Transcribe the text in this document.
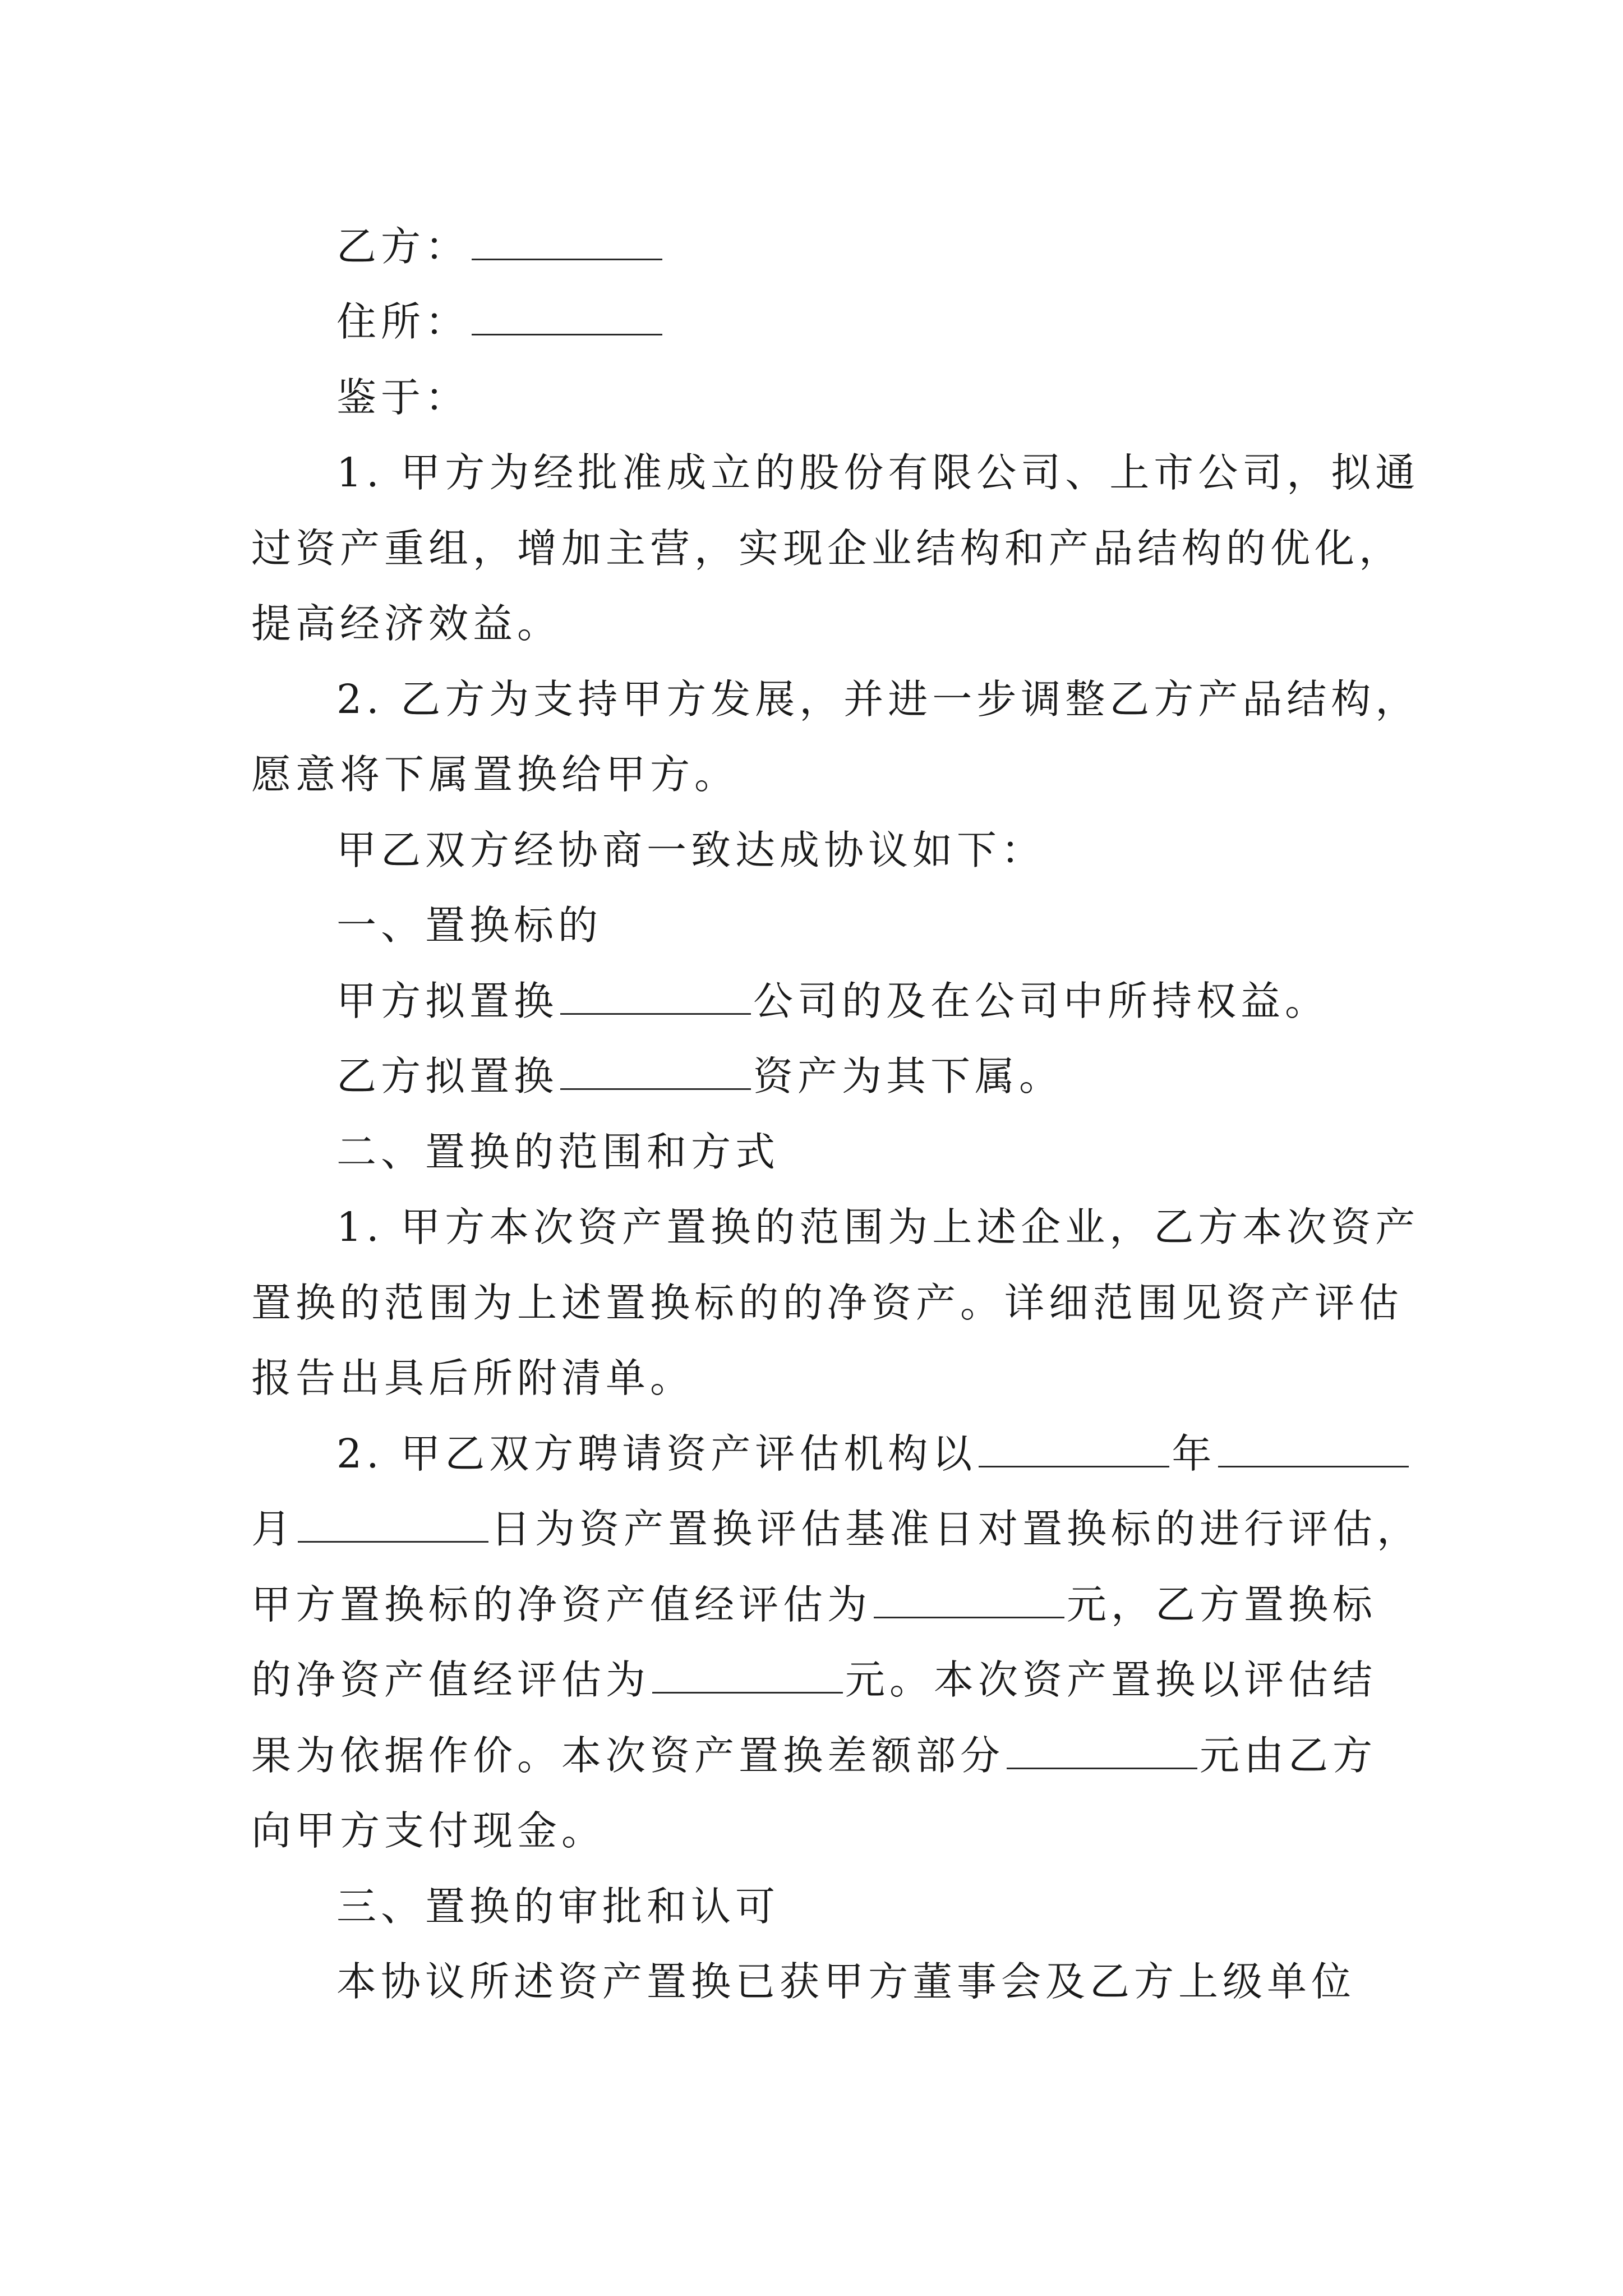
乙方：

住所：

鉴于：

1. 甲方为经批准成立的股份有限公司、上市公司，拟通

过资产重组，增加主营，实现企业结构和产品结构的优化，

提高经济效益。

2. 乙方为支持甲方发展，并进一步调整乙方产品结构，

愿意将下属置换给甲方。

甲乙双方经协商一致达成协议如下：

一、置换标的

甲方拟置换	公司的及在公司中所持权益。

乙方拟置换	资产为其下属。

二、置换的范围和方式

1. 甲方本次资产置换的范围为上述企业，乙方本次资产

置换的范围为上述置换标的的净资产。详细范围见资产评估

报告出具后所附清单。

2. 甲乙双方聘请资产评估机构以	年

月	日为资产置换评估基准日对置换标的进行评估，

甲方置换标的净资产值经评估为	元，乙方置换标

的净资产值经评估为	元。本次资产置换以评估结

果为依据作价。本次资产置换差额部分	元由乙方

向甲方支付现金。

三、置换的审批和认可

本协议所述资产置换已获甲方董事会及乙方上级单位
